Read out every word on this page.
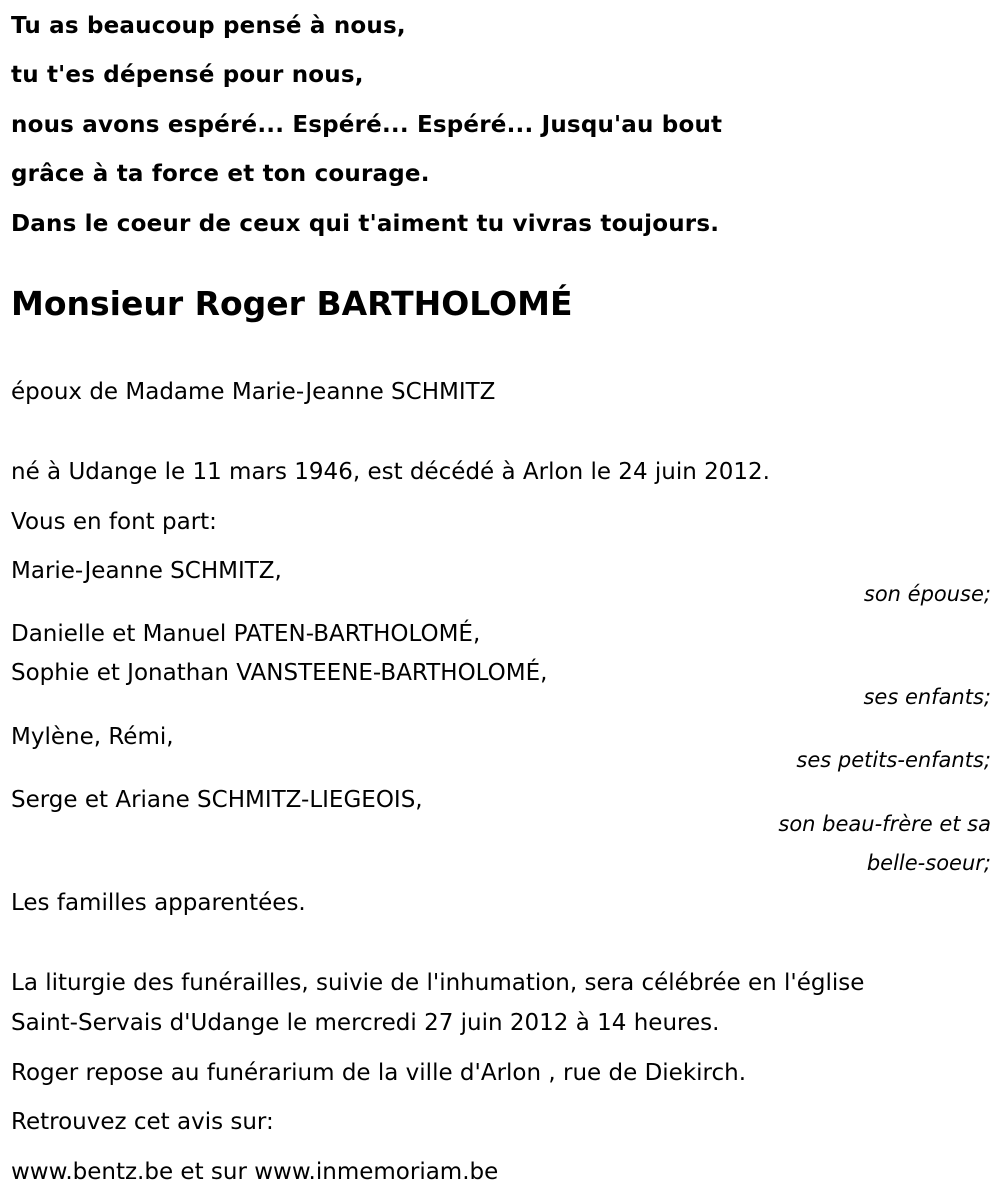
Tu as beaucoup pensé à nous,
tu t'es dépensé pour nous,
nous avons espéré... Espéré... Espéré... Jusqu'au bout
grâce à ta force et ton courage.
Dans le coeur de ceux qui t'aiment tu vivras toujours.
Monsieur Roger BARTHOLOMÉ
époux de Madame Marie-Jeanne SCHMITZ
né à Udange le 11 mars 1946, est décédé à Arlon le 24 juin 2012.
Vous en font part:
Marie-Jeanne SCHMITZ,
son épouse;
Danielle et Manuel PATEN-BARTHOLOMÉ,
Sophie et Jonathan VANSTEENE-BARTHOLOMÉ,
ses enfants;
Mylène, Rémi,
ses petits-enfants;
Serge et Ariane SCHMITZ-LIEGEOIS,
son beau-frère et sa
belle-soeur;
Les familles apparentées.
La liturgie des funérailles, suivie de l'inhumation, sera célébrée en l'église
Saint-Servais d'Udange le mercredi 27 juin 2012 à 14 heures.
Roger repose au funérarium de la ville d'Arlon , rue de Diekirch.
Retrouvez cet avis sur:
www.bentz.be et sur www.inmemoriam.be
